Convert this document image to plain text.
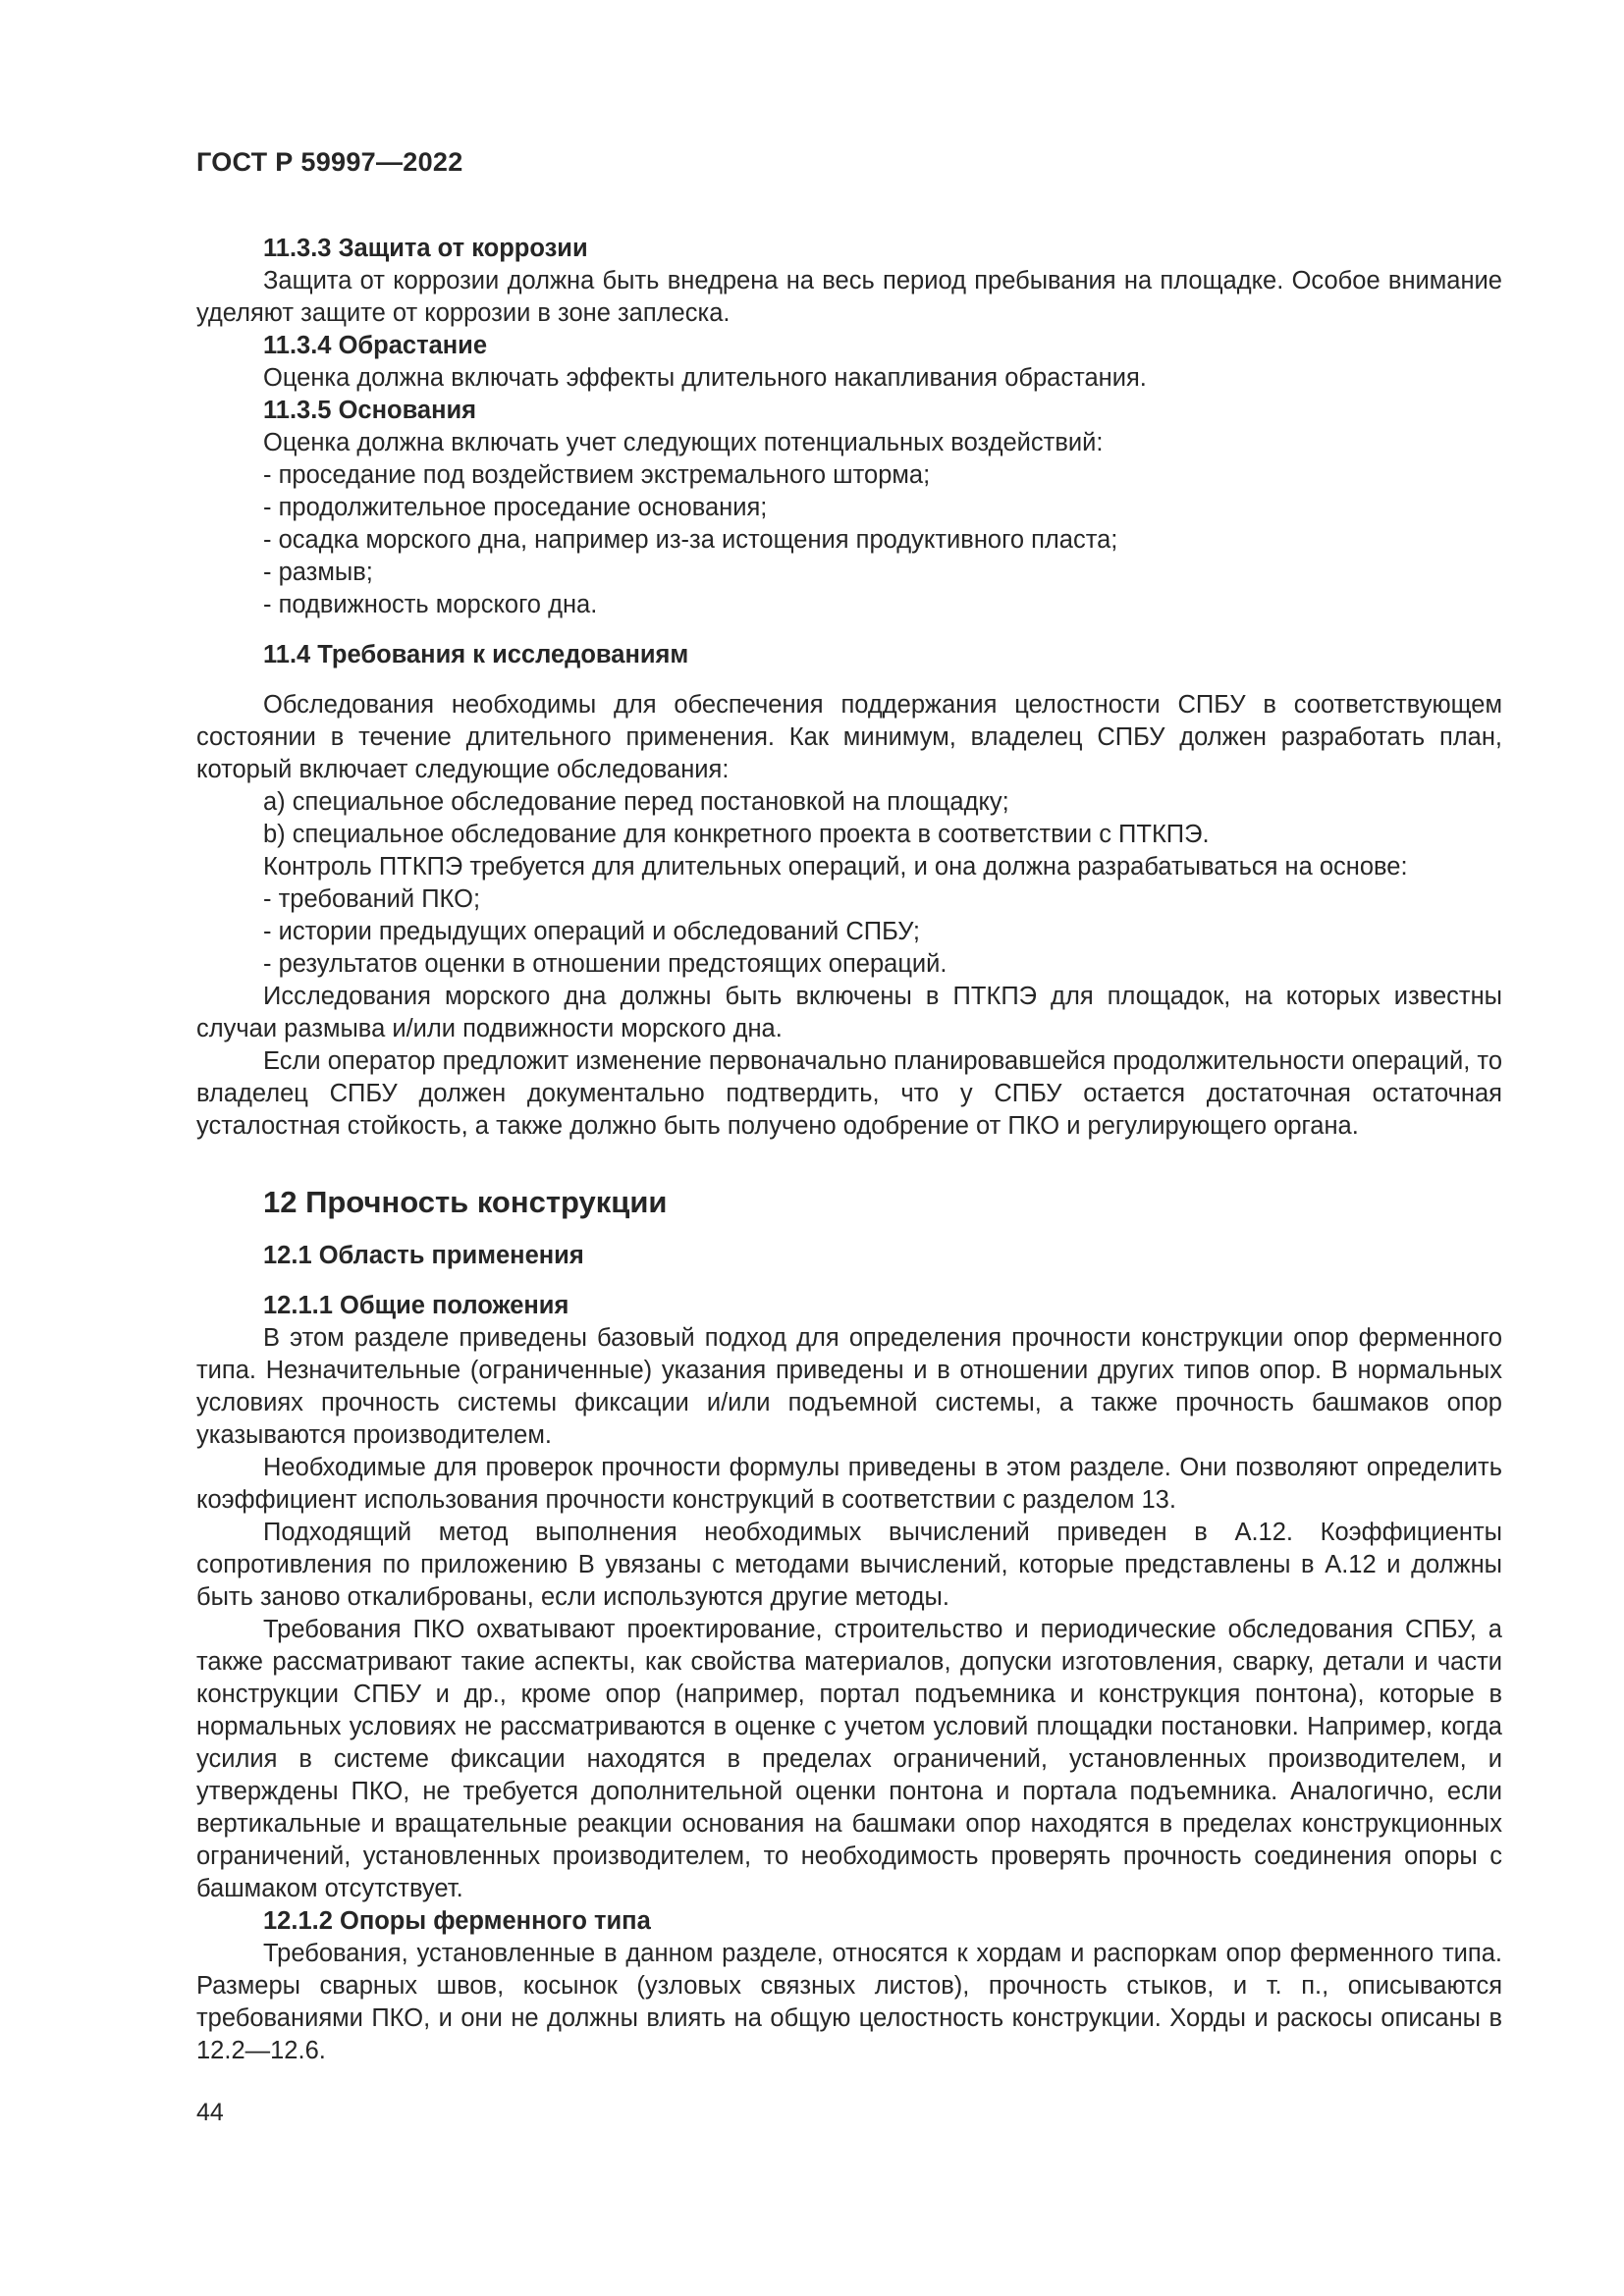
ГОСТ Р 59997—2022

11.3.3 Защита от коррозии

Защита от коррозии должна быть внедрена на весь период пребывания на площадке. Особое внимание уделяют защите от коррозии в зоне заплеска.

11.3.4 Обрастание

Оценка должна включать эффекты длительного накапливания обрастания.

11.3.5 Основания

Оценка должна включать учет следующих потенциальных воздействий:

- проседание под воздействием экстремального шторма;

- продолжительное проседание основания;

- осадка морского дна, например из-за истощения продуктивного пласта;

- размыв;

- подвижность морского дна.

11.4 Требования к исследованиям

Обследования необходимы для обеспечения поддержания целостности СПБУ в соответствующем состоянии в течение длительного применения. Как минимум, владелец СПБУ должен разработать план, который включает следующие обследования:

a) специальное обследование перед постановкой на площадку;

b) специальное обследование для конкретного проекта в соответствии с ПТКПЭ.

Контроль ПТКПЭ требуется для длительных операций, и она должна разрабатываться на основе:

- требований ПКО;

- истории предыдущих операций и обследований СПБУ;

- результатов оценки в отношении предстоящих операций.

Исследования морского дна должны быть включены в ПТКПЭ для площадок, на которых известны случаи размыва и/или подвижности морского дна.

Если оператор предложит изменение первоначально планировавшейся продолжительности операций, то владелец СПБУ должен документально подтвердить, что у СПБУ остается достаточная остаточная усталостная стойкость, а также должно быть получено одобрение от ПКО и регулирующего органа.

12 Прочность конструкции

12.1 Область применения

12.1.1 Общие положения

В этом разделе приведены базовый подход для определения прочности конструкции опор ферменного типа. Незначительные (ограниченные) указания приведены и в отношении других типов опор. В нормальных условиях прочность системы фиксации и/или подъемной системы, а также прочность башмаков опор указываются производителем.

Необходимые для проверок прочности формулы приведены в этом разделе. Они позволяют определить коэффициент использования прочности конструкций в соответствии с разделом 13.

Подходящий метод выполнения необходимых вычислений приведен в А.12. Коэффициенты сопротивления по приложению В увязаны с методами вычислений, которые представлены в А.12 и должны быть заново откалиброваны, если используются другие методы.

Требования ПКО охватывают проектирование, строительство и периодические обследования СПБУ, а также рассматривают такие аспекты, как свойства материалов, допуски изготовления, сварку, детали и части конструкции СПБУ и др., кроме опор (например, портал подъемника и конструкция понтона), которые в нормальных условиях не рассматриваются в оценке с учетом условий площадки постановки. Например, когда усилия в системе фиксации находятся в пределах ограничений, установленных производителем, и утверждены ПКО, не требуется дополнительной оценки понтона и портала подъемника. Аналогично, если вертикальные и вращательные реакции основания на башмаки опор находятся в пределах конструкционных ограничений, установленных производителем, то необходимость проверять прочность соединения опоры с башмаком отсутствует.

12.1.2 Опоры ферменного типа

Требования, установленные в данном разделе, относятся к хордам и распоркам опор ферменного типа. Размеры сварных швов, косынок (узловых связных листов), прочность стыков, и т. п., описываются требованиями ПКО, и они не должны влиять на общую целостность конструкции. Хорды и раскосы описаны в 12.2—12.6.

44
